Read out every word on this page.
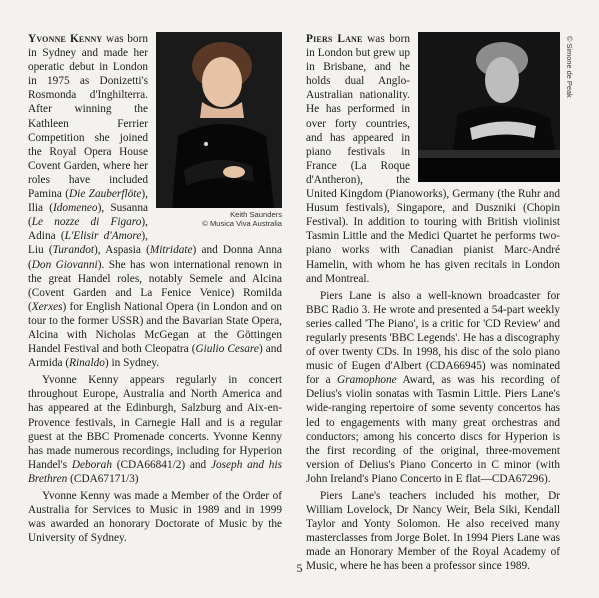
Keith Saunders
© Musica Viva Australia

Yvonne Kenny was born in Sydney and made her operatic debut in London in 1975 as Donizetti's Rosmonda d'Inghilterra. After winning the Kathleen Ferrier Competition she joined the Royal Opera House Covent Garden, where her roles have included Pamina (Die Zauberflöte), Ilia (Idomeneo), Susanna (Le nozze di Figaro), Adina (L'Elisir d'Amore), Liu (Turandot), Aspasia (Mitridate) and Donna Anna (Don Giovanni). She has won international renown in the great Handel roles, notably Semele and Alcina (Covent Garden and La Fenice Venice) Romilda (Xerxes) for English National Opera (in London and on tour to the former USSR) and the Bavarian State Opera, Alcina with Nicholas McGegan at the Göttingen Handel Festival and both Cleopatra (Giulio Cesare) and Armida (Rinaldo) in Sydney.

Yvonne Kenny appears regularly in concert throughout Europe, Australia and North America and has appeared at the Edinburgh, Salzburg and Aix-en-Provence festivals, in Carnegie Hall and is a regular guest at the BBC Promenade concerts. Yvonne Kenny has made numerous recordings, including for Hyperion Handel's Deborah (CDA66841/2) and Joseph and his Brethren (CDA67171/3)

Yvonne Kenny was made a Member of the Order of Australia for Services to Music in 1989 and in 1999 was awarded an honorary Doctorate of Music by the University of Sydney.

Piers Lane was born in London but grew up in Brisbane, and he holds dual Anglo-Australian nationality. He has performed in over forty countries, and has appeared in piano festivals in France (La Roque d'Antheron), the United Kingdom (Pianoworks), Germany (the Ruhr and Husum festivals), Singapore, and Duszniki (Chopin Festival). In addition to touring with British violinist Tasmin Little and the Medici Quartet he performs two-piano works with Canadian pianist Marc-André Hamelin, with whom he has given recitals in London and Montreal.

Piers Lane is also a well-known broadcaster for BBC Radio 3. He wrote and presented a 54-part weekly series called 'The Piano', is a critic for 'CD Review' and regularly presents 'BBC Legends'. He has a discography of over twenty CDs. In 1998, his disc of the solo piano music of Eugen d'Albert (CDA66945) was nominated for a Gramophone Award, as was his recording of Delius's violin sonatas with Tasmin Little. Piers Lane's wide-ranging repertoire of some seventy concertos has led to engagements with many great orchestras and conductors; among his concerto discs for Hyperion is the first recording of the original, three-movement version of Delius's Piano Concerto in C minor (with John Ireland's Piano Concerto in E flat—CDA67296).

Piers Lane's teachers included his mother, Dr William Lovelock, Dr Nancy Weir, Bela Siki, Kendall Taylor and Yonty Solomon. He also received many masterclasses from Jorge Bolet. In 1994 Piers Lane was made an Honorary Member of the Royal Academy of Music, where he has been a professor since 1989.

© Simone de Peak
5
